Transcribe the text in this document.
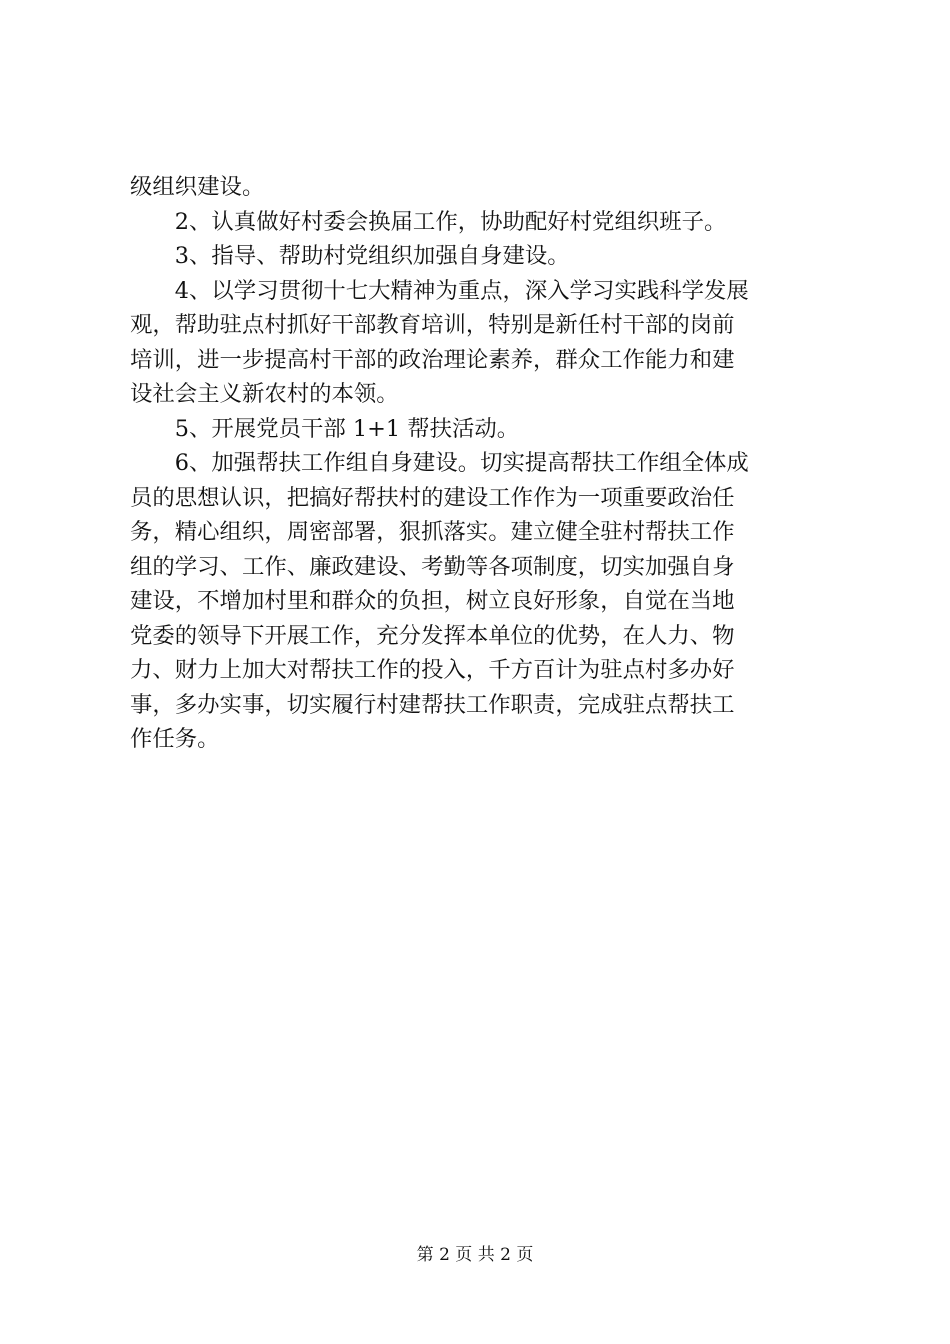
级组织建设。
　　2、认真做好村委会换届工作，协助配好村党组织班子。
　　3、指导、帮助村党组织加强自身建设。
　　4、以学习贯彻十七大精神为重点，深入学习实践科学发展
观，帮助驻点村抓好干部教育培训，特别是新任村干部的岗前
培训，进一步提高村干部的政治理论素养，群众工作能力和建
设社会主义新农村的本领。
　　5、开展党员干部 1+1 帮扶活动。
　　6、加强帮扶工作组自身建设。切实提高帮扶工作组全体成
员的思想认识，把搞好帮扶村的建设工作作为一项重要政治任
务，精心组织，周密部署，狠抓落实。建立健全驻村帮扶工作
组的学习、工作、廉政建设、考勤等各项制度，切实加强自身
建设，不增加村里和群众的负担，树立良好形象，自觉在当地
党委的领导下开展工作，充分发挥本单位的优势，在人力、物
力、财力上加大对帮扶工作的投入，千方百计为驻点村多办好
事，多办实事，切实履行村建帮扶工作职责，完成驻点帮扶工
作任务。
第 2 页 共 2 页
